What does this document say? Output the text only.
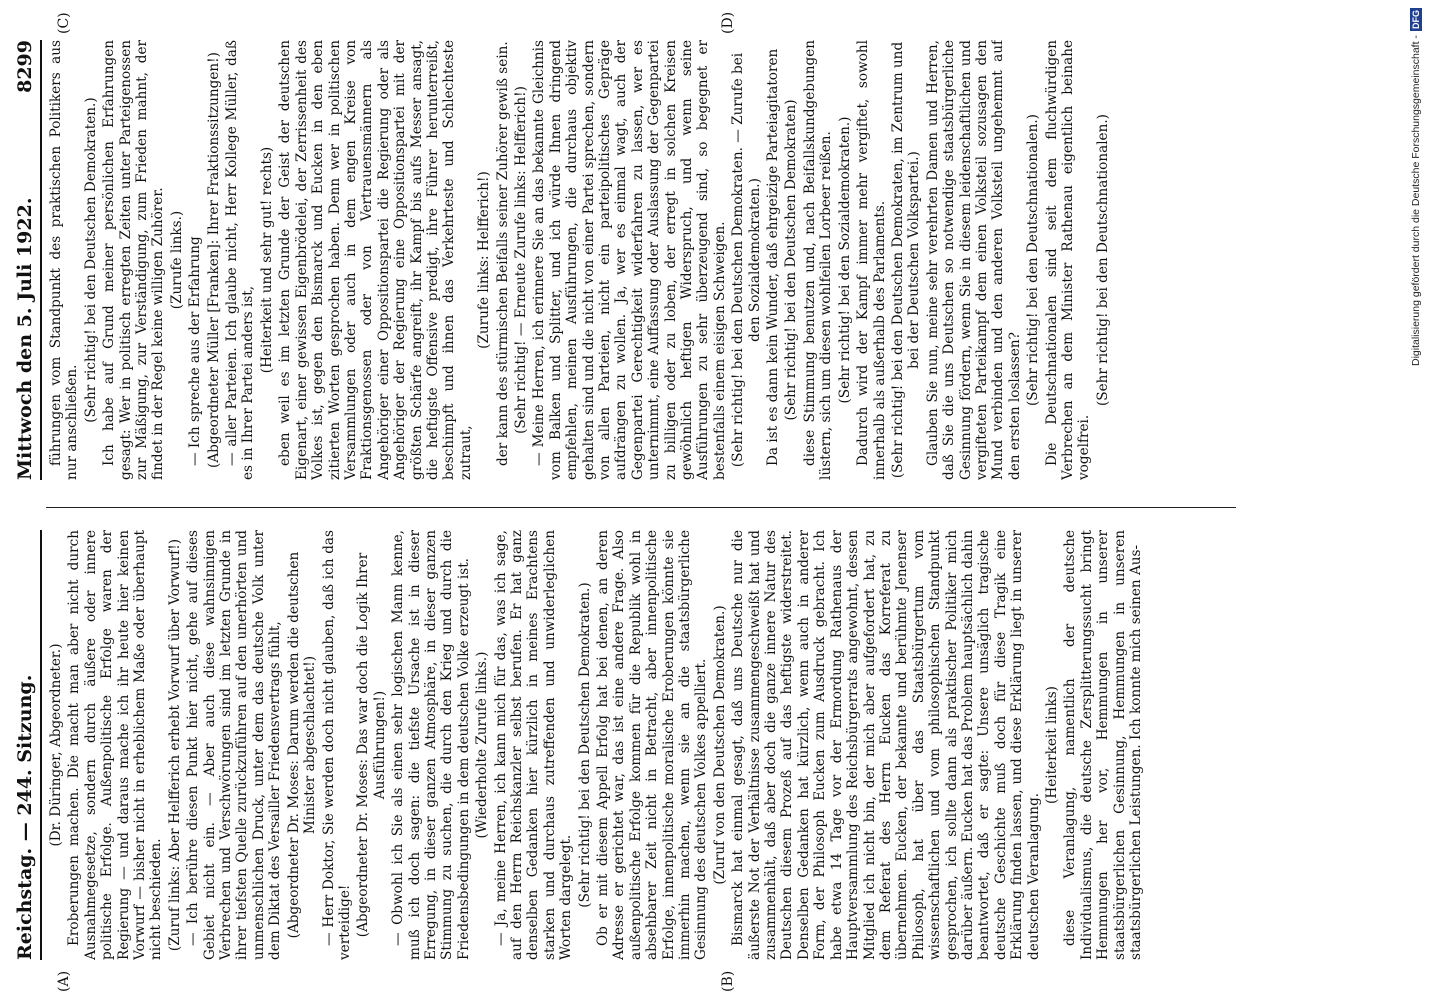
Reichstag. — 244. Sitzung.
Mittwoch den 5. Juli 1922.
8299
(A)	(B)
(C)	(D)

(Dr. Düringer, Abgeordneter.) Eroberungen machen. Die macht man aber nicht durch Ausnahmegesetze, sondern durch äußere oder innere politische Erfolge. Außenpolitische Erfolge waren der Regierung — und daraus mache ich ihr heute hier keinen Vorwurf — bisher nicht in erheblichem Maße oder überhaupt nicht beschieden. (Zuruf links: Aber Helfferich erhebt Vorwurf über Vorwurf!) — Ich berühre diesen Punkt hier nicht, gehe auf dieses Gebiet nicht ein. — Aber auch diese wahnsinnigen Verbrechen und Verschwörungen sind im letzten Grunde in ihrer tiefsten Quelle zurückzuführen auf den unerhörten und unmenschlichen Druck, unter dem das deutsche Volk unter dem Diktat des Versailler Friedensvertrags fühlt, (Abgeordneter Dr. Moses: Darum werden die deutschen Minister abgeschlachtet!) — Herr Doktor, Sie werden doch nicht glauben, daß ich das verteidige! (Abgeordneter Dr. Moses: Das war doch die Logik Ihrer Ausführungen!) — Obwohl ich Sie als einen sehr logischen Mann kenne, muß ich doch sagen: die tiefste Ursache ist in dieser Erregung, in dieser ganzen Atmosphäre, in dieser ganzen Stimmung zu suchen, die durch den Krieg und durch die Friedensbedingungen in dem deutschen Volke erzeugt ist. (Wiederholte Zurufe links.) — Ja, meine Herren, ich kann mich für das, was ich sage, auf den Herrn Reichskanzler selbst berufen. Er hat ganz denselben Gedanken hier kürzlich in meines Erachtens starken und durchaus zutreffenden und unwiderleglichen Worten dargelegt. (Sehr richtig! bei den Deutschen Demokraten.) Ob er mit diesem Appell Erfolg hat bei denen, an deren Adresse er gerichtet war, das ist eine andere Frage. Also außenpolitische Erfolge kommen für die Republik wohl in absehbarer Zeit nicht in Betracht, aber innenpolitische Erfolge, innenpolitische moralische Eroberungen könnte sie immerhin machen, wenn sie an die staatsbürgerliche Gesinnung des deutschen Volkes appelliert. (Zuruf von den Deutschen Demokraten.) Bismarck hat einmal gesagt, daß uns Deutsche nur die äußerste Not der Verhältnisse zusammengeschweißt hat und zusammenhält, daß aber doch die ganze innere Natur des Deutschen diesem Prozeß auf das heftigste widerstreitet. Denselben Gedanken hat kürzlich, wenn auch in anderer Form, der Philosoph Eucken zum Ausdruck gebracht. Ich habe etwa 14 Tage vor der Ermordung Rathenaus der Hauptversammlung des Reichsbürgerrats angewohnt, dessen Mitglied ich nicht bin, der mich aber aufgefordert hat, zu dem Referat des Herrn Eucken das Korreferat zu übernehmen. Eucken, der bekannte und berühmte Jenenser Philosoph, hat über das Staatsbürgertum vom wissenschaftlichen und vom philosophischen Standpunkt gesprochen, ich sollte dann als praktischer Politiker mich darüber äußern. Eucken hat das Problem hauptsächlich dahin beantwortet, daß er sagte: Unsere unsäglich tragische deutsche Geschichte muß doch für diese Tragik eine Erklärung finden lassen, und diese Erklärung liegt in unserer deutschen Veranlagung.

(Heiterkeit links) diese Veranlagung, namentlich der deutsche Individualismus, die deutsche Zersplitterungssucht bringt Hemmungen her vor, Hemmungen in unserer staatsbürgerlichen Gesinnung, Hemmungen in unseren staatsbürgerlichen Leistungen. Ich konnte mich seinen Aus-

führungen vom Standpunkt des praktischen Politikers aus nur anschließen. (Sehr richtig! bei den Deutschen Demokraten.) Ich habe auf Grund meiner persönlichen Erfahrungen gesagt: Wer in politisch erregten Zeiten unter Parteigenossen zur Mäßigung, zur Verständigung, zum Frieden mahnt, der findet in der Regel keine willigen Zuhörer. (Zurufe links.) — Ich spreche aus der Erfahrung (Abgeordneter Müller [Franken]: Ihrer Fraktionssitzungen!) — aller Parteien. Ich glaube nicht, Herr Kollege Müller, daß es in Ihrer Partei anders ist,

(Heiterkeit und sehr gut! rechts) eben weil es im letzten Grunde der Geist der deutschen Eigenart, einer gewissen Eigenbrödelei, der Zerrissenheit des Volkes ist, gegen den Bismarck und Eucken in den eben zitierten Worten gesprochen haben. Denn wer in politischen Versammlungen oder auch in dem engen Kreise von Fraktionsgenossen oder von Vertrauensmännern als Angehöriger einer Oppositionspartei die Regierung oder als Angehöriger der Regierung eine Oppositionspartei mit der größten Schärfe angreift, ihr Kampf bis aufs Messer ansagt, die heftigste Offensive predigt, ihre Führer herunterreißt, beschimpft und ihnen das Verkehrteste und Schlechteste zutraut,

(Zurufe links: Helfferich!) der kann des stürmischen Beifalls seiner Zuhörer gewiß sein. (Sehr richtig! — Erneute Zurufe links: Helfferich!) — Meine Herren, ich erinnere Sie an das bekannte Gleichnis vom Balken und Splitter, und ich würde Ihnen dringend empfehlen, meinen Ausführungen, die durchaus objektiv gehalten sind und die nicht von einer Partei sprechen, sondern von allen Parteien, nicht ein parteipolitisches Gepräge aufdrängen zu wollen. Ja, wer es einmal wagt, auch der Gegenpartei Gerechtigkeit widerfahren zu lassen, wer es unternimmt, eine Auffassung oder Auslassung der Gegenpartei zu billigen oder zu loben, der erregt in solchen Kreisen gewöhnlich heftigen Widerspruch, und wenn seine Ausführungen zu sehr überzeugend sind, so begegnet er bestenfalls einem eisigen Schweigen. (Sehr richtig! bei den Deutschen Demokraten. — Zurufe bei den Sozialdemokraten.) Da ist es dann kein Wunder, daß ehrgeizige Parteiagitatoren (Sehr richtig! bei den Deutschen Demokraten) diese Stimmung benutzen und, nach Beifallskundgebungen lüstern, sich um diesen wohlfeilen Lorbeer reißen. (Sehr richtig! bei den Sozialdemokraten.) Dadurch wird der Kampf immer mehr vergiftet, sowohl innerhalb als außerhalb des Parlaments. (Sehr richtig! bei den Deutschen Demokraten, im Zentrum und bei der Deutschen Volkspartei.) Glauben Sie nun, meine sehr verehrten Damen und Herren, daß Sie die uns Deutschen so notwendige staatsbürgerliche Gesinnung fördern, wenn Sie in diesem leidenschaftlichen und vergifteten Parteikampf dem einen Volksteil sozusagen den Mund verbinden und den anderen Volksteil ungehemmt auf den ersten loslassen?

(Sehr richtig! bei den Deutschnationalen.) Die Deutschnationalen sind seit dem fluchwürdigen Verbrechen an dem Minister Rathenau eigentlich beinahe vogelfrei.

(Sehr richtig! bei den Deutschnationalen.)	Digitalisierung gefördert durch die Deutsche Forschungsgemeinschaft -
DFG
